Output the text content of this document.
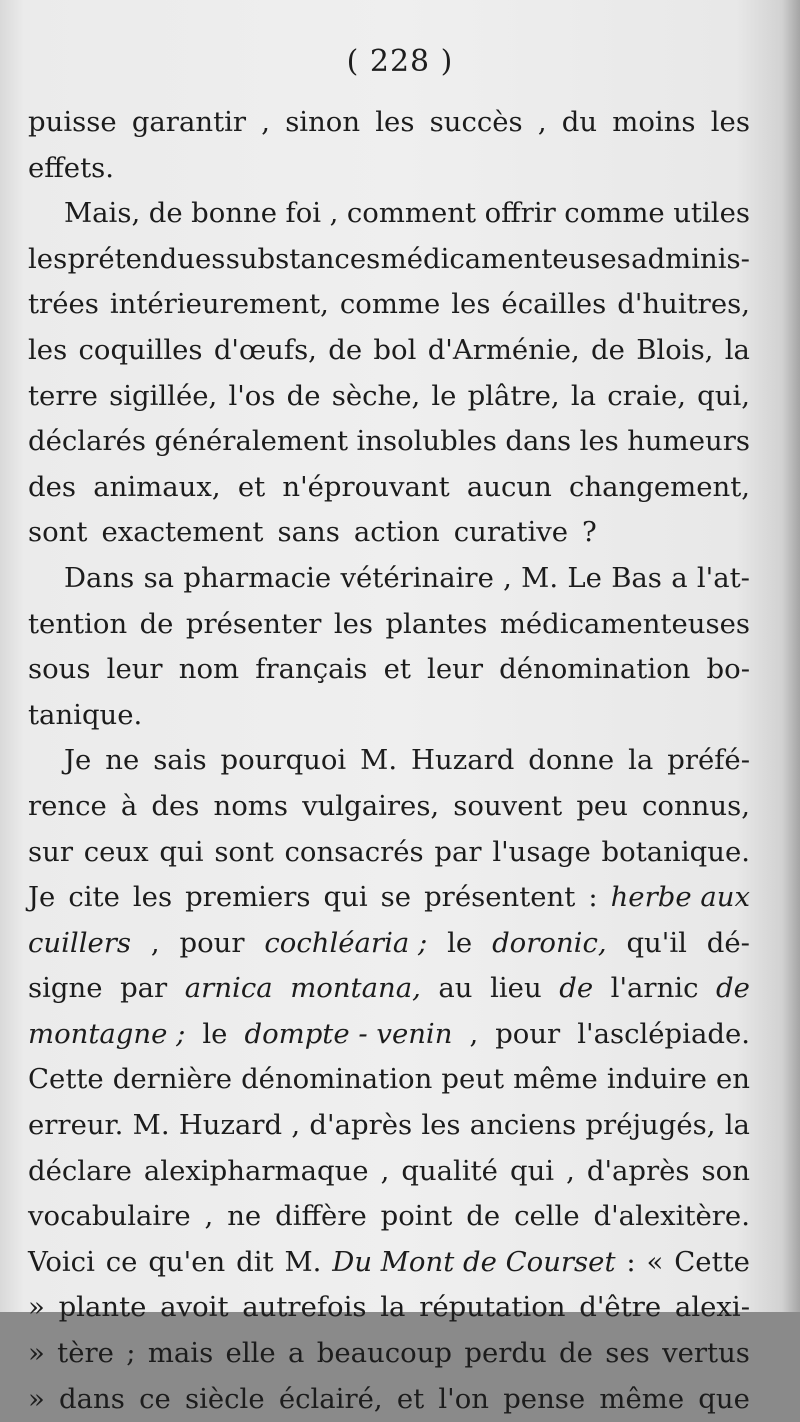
( 228 )
puisse garantir , sinon les succès , du moins les
effets.
Mais, de bonne foi , comment offrir comme utiles
les prétendues substances médicamenteuses adminis-
trées intérieurement, comme les écailles d'huitres,
les coquilles d'œufs, de bol d'Arménie, de Blois, la
terre sigillée, l'os de sèche, le plâtre, la craie, qui,
déclarés généralement insolubles dans les humeurs
des animaux, et n'éprouvant aucun changement,
sont exactement sans action curative ?
Dans sa pharmacie vétérinaire , M. Le Bas a l'at-
tention de présenter les plantes médicamenteuses
sous leur nom français et leur dénomination bo-
tanique.
Je ne sais pourquoi M. Huzard donne la préfé-
rence à des noms vulgaires, souvent peu connus,
sur ceux qui sont consacrés par l'usage botanique.
Je cite les premiers qui se présentent : herbe aux
cuillers , pour cochléaria ; le doronic, qu'il dé-
signe par arnica montana, au lieu de l'arnic de
montagne ; le dompte - venin , pour l'asclépiade.
Cette dernière dénomination peut même induire en
erreur. M. Huzard , d'après les anciens préjugés, la
déclare alexipharmaque , qualité qui , d'après son
vocabulaire , ne diffère point de celle d'alexitère.
Voici ce qu'en dit M. Du Mont de Courset : « Cette
» plante avoit autrefois la réputation d'être alexi-
» tère ; mais elle a beaucoup perdu de ses vertus
» dans ce siècle éclairé, et l'on pense même que
